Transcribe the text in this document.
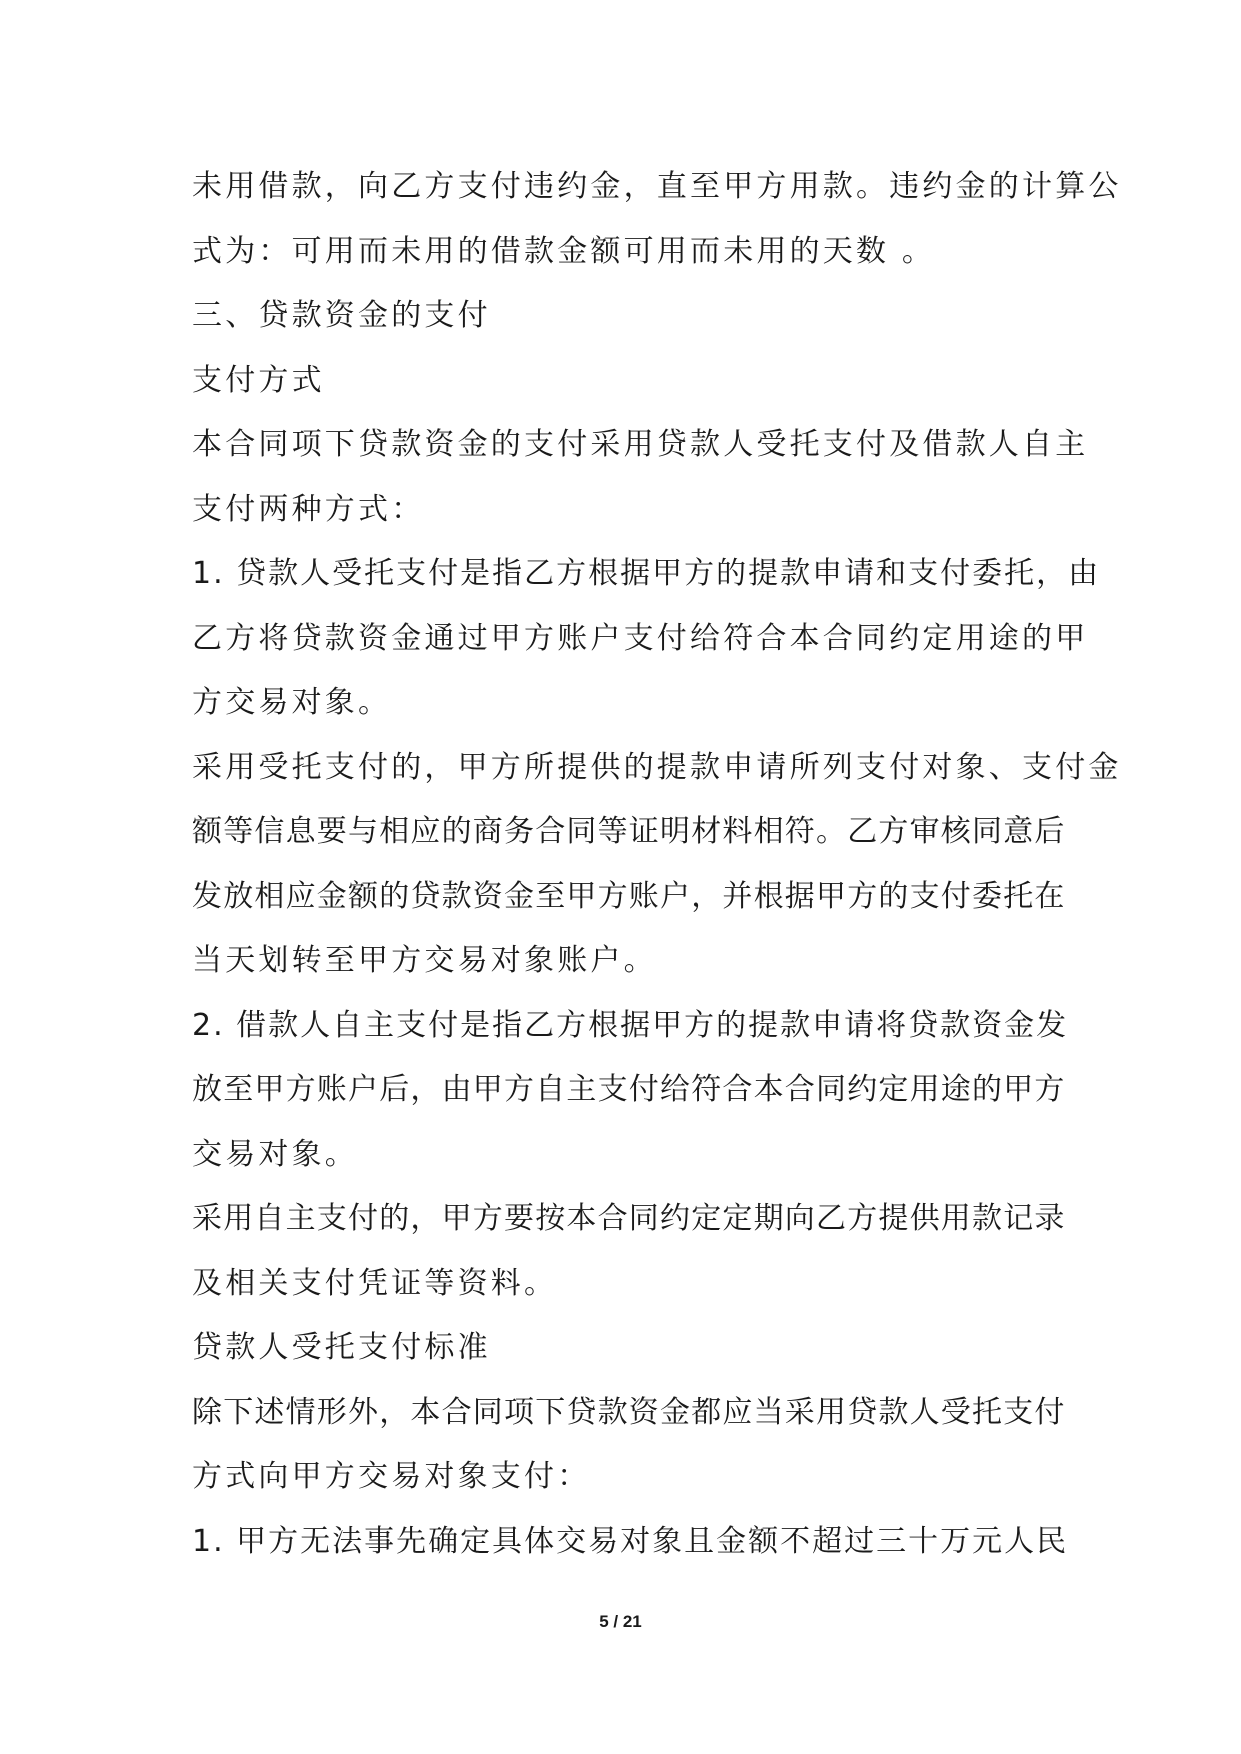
未用借款，向乙方支付违约金，直至甲方用款。违约金的计算公
式为：可用而未用的借款金额可用而未用的天数 。
三、贷款资金的支付
支付方式
本合同项下贷款资金的支付采用贷款人受托支付及借款人自主
支付两种方式：
1. 贷款人受托支付是指乙方根据甲方的提款申请和支付委托，由
乙方将贷款资金通过甲方账户支付给符合本合同约定用途的甲
方交易对象。
采用受托支付的，甲方所提供的提款申请所列支付对象、支付金
额等信息要与相应的商务合同等证明材料相符。乙方审核同意后
发放相应金额的贷款资金至甲方账户，并根据甲方的支付委托在
当天划转至甲方交易对象账户。
2. 借款人自主支付是指乙方根据甲方的提款申请将贷款资金发
放至甲方账户后，由甲方自主支付给符合本合同约定用途的甲方
交易对象。
采用自主支付的，甲方要按本合同约定定期向乙方提供用款记录
及相关支付凭证等资料。
贷款人受托支付标准
除下述情形外，本合同项下贷款资金都应当采用贷款人受托支付
方式向甲方交易对象支付：
1. 甲方无法事先确定具体交易对象且金额不超过三十万元人民
5 / 21
